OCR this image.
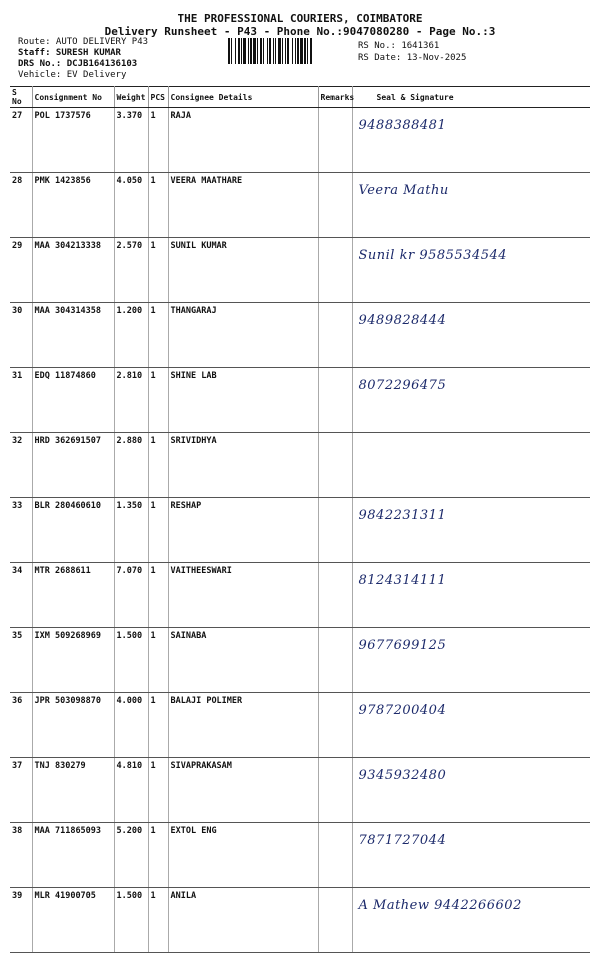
THE PROFESSIONAL COURIERS, COIMBATORE
Delivery Runsheet - P43 - Phone No.:9047080280 - Page No.:3
Route: AUTO DELIVERY P43
Staff: SURESH KUMAR
DRS No.: DCJB164136103
Vehicle: EV Delivery
RS No.: 1641361
RS Date: 13-Nov-2025
S No	Consignment No	Weight	PCS	Consignee Details	Remarks	Seal & Signature
27	POL 1737576	3.370	1	RAJA		9488388481

28	PMK 1423856	4.050	1	VEERA MAATHARE		Veera Mathu

29	MAA 304213338	2.570	1	SUNIL KUMAR		Sunil kr 9585534544

30	MAA 304314358	1.200	1	THANGARAJ		9489828444

31	EDQ 11874860	2.810	1	SHINE LAB		8072296475

32	HRD 362691507	2.880	1	SRIVIDHYA		

33	BLR 280460610	1.350	1	RESHAP		9842231311

34	MTR 2688611	7.070	1	VAITHEESWARI		8124314111

35	IXM 509268969	1.500	1	SAINABA		9677699125

36	JPR 503098870	4.000	1	BALAJI POLIMER		9787200404

37	TNJ 830279	4.810	1	SIVAPRAKASAM		9345932480

38	MAA 711865093	5.200	1	EXTOL ENG		7871727044

39	MLR 41900705	1.500	1	ANILA		A Mathew 9442266602
